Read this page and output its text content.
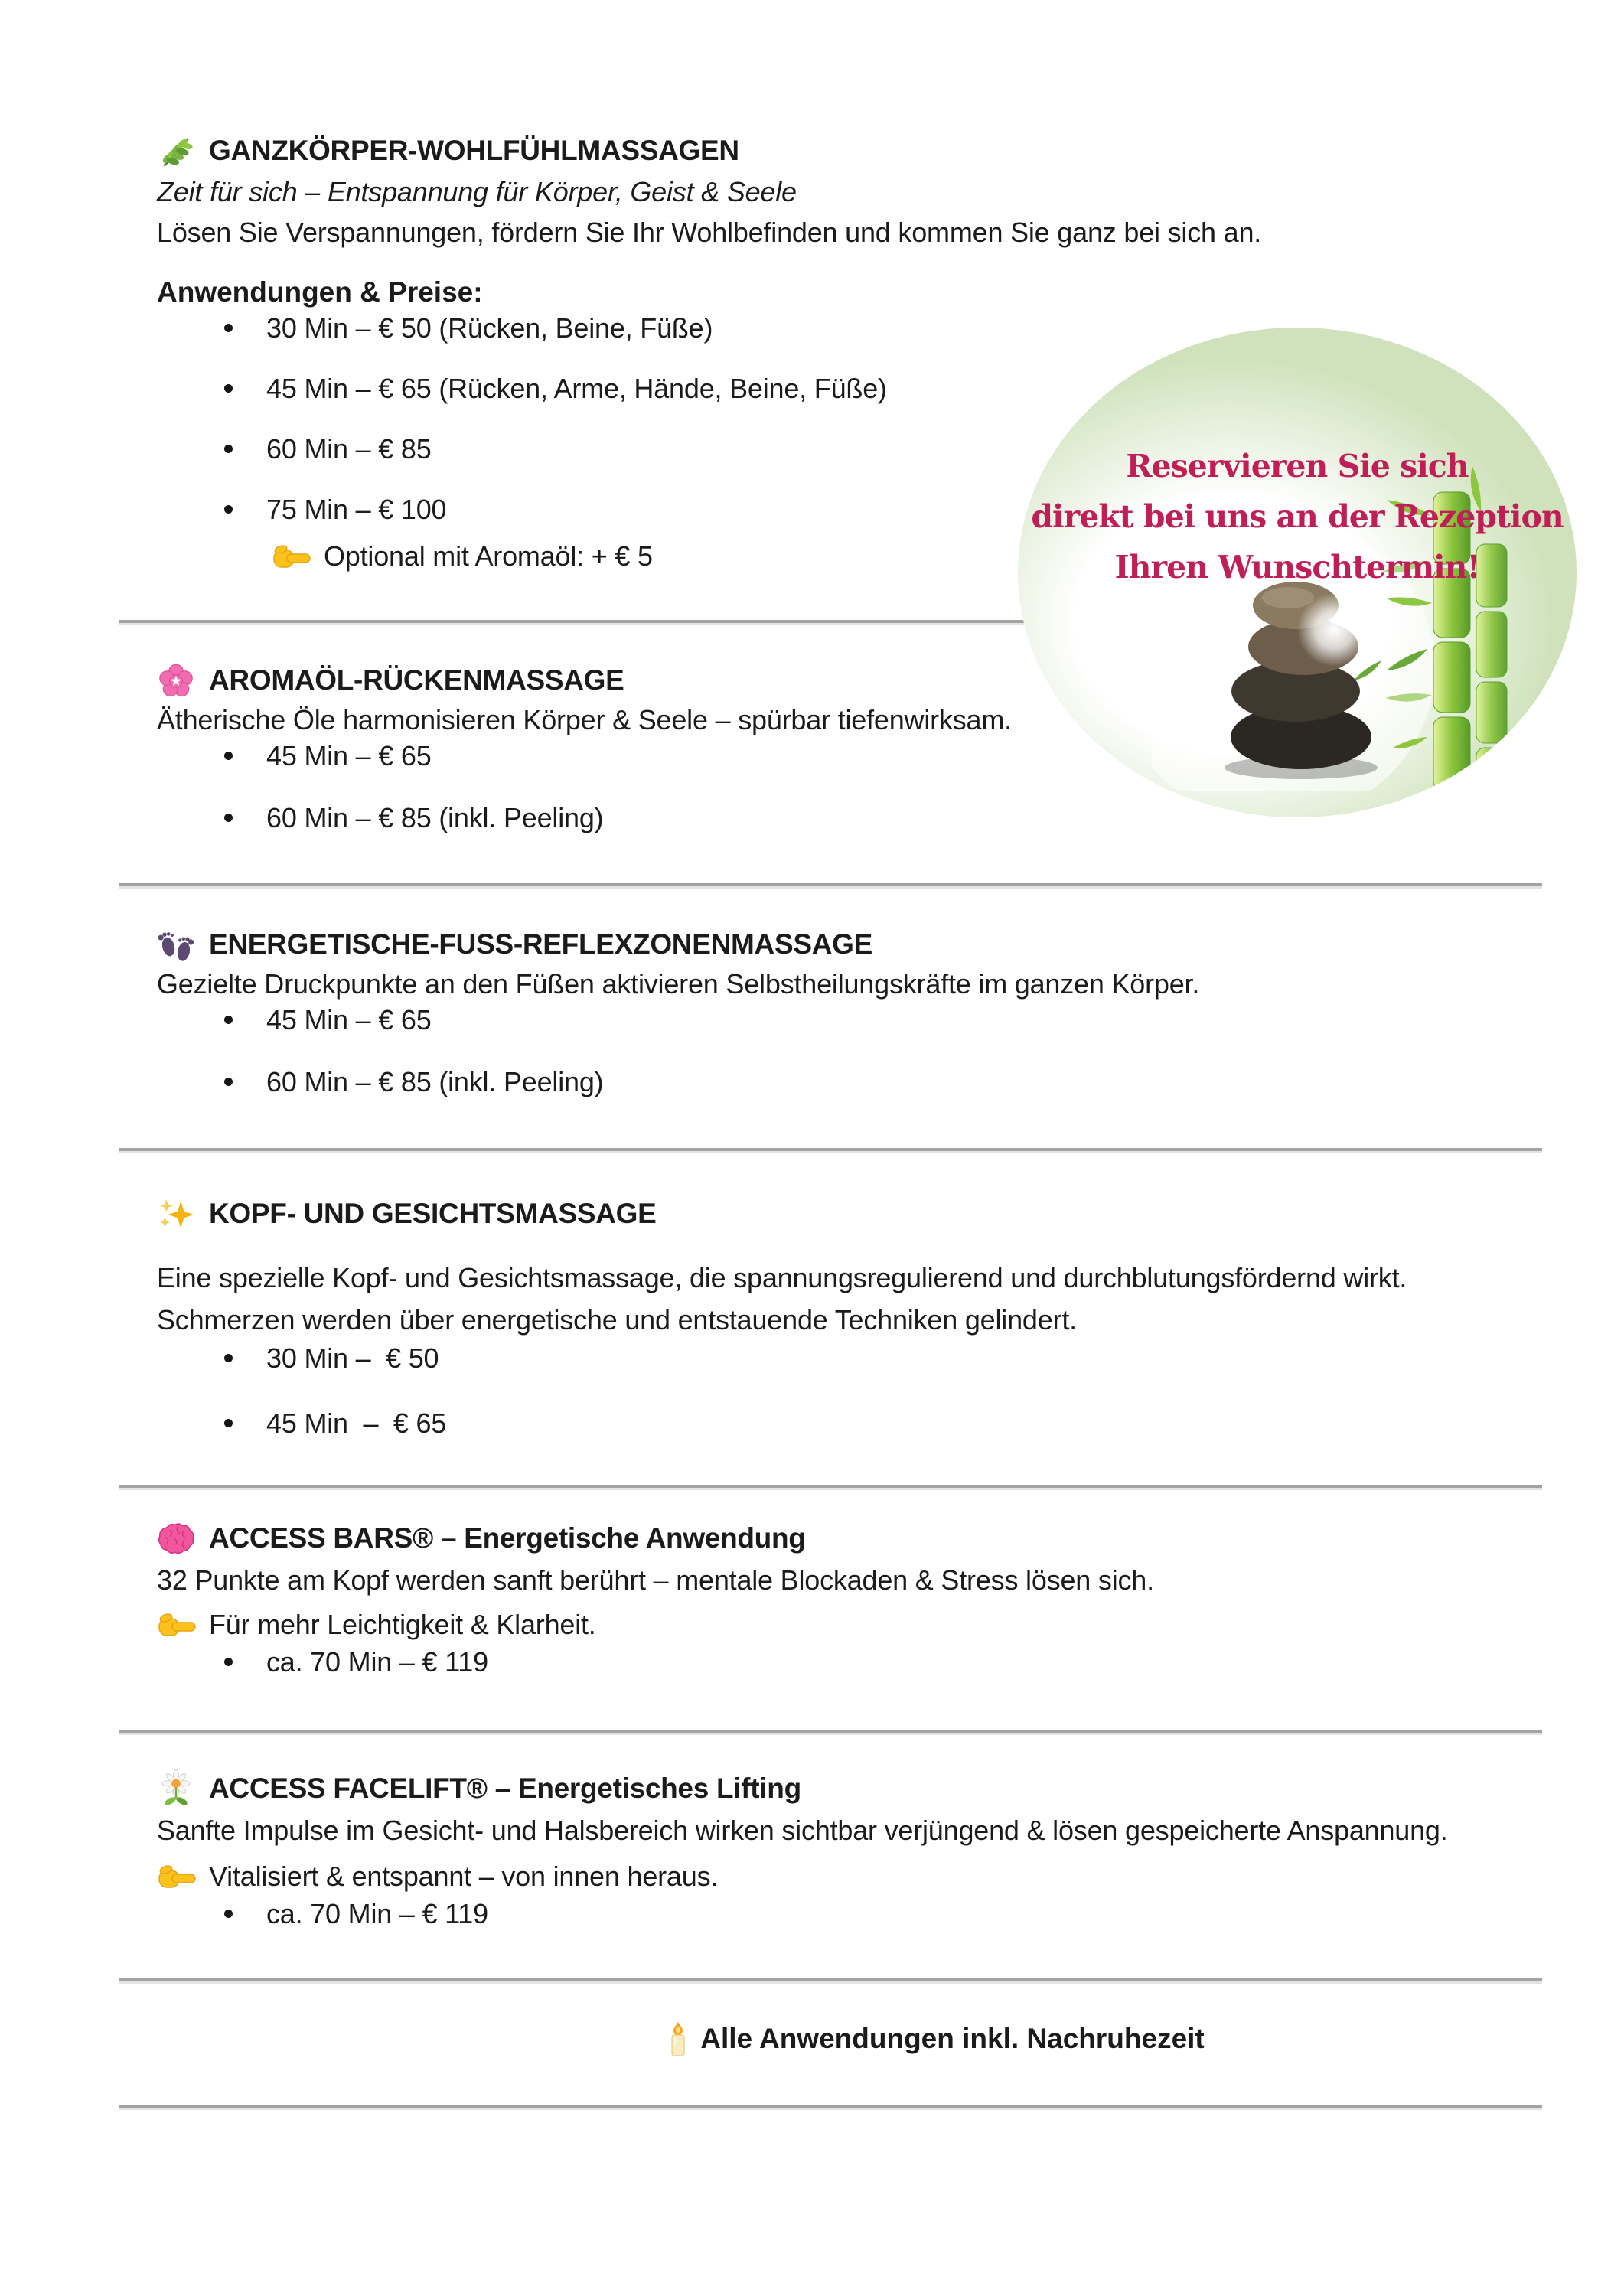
Reservieren Sie sich
direkt bei uns an der Rezeption
Ihren Wunschtermin!
GANZKÖRPER-WOHLFÜHLMASSAGEN
Zeit für sich – Entspannung für Körper, Geist & Seele
Lösen Sie Verspannungen, fördern Sie Ihr Wohlbefinden und kommen Sie ganz bei sich an.
Anwendungen & Preise:
30 Min – € 50 (Rücken, Beine, Füße)
45 Min – € 65 (Rücken, Arme, Hände, Beine, Füße)
60 Min – € 85
75 Min – € 100
Optional mit Aromaöl: + € 5
AROMAÖL-RÜCKENMASSAGE
Ätherische Öle harmonisieren Körper & Seele – spürbar tiefenwirksam.
45 Min – € 65
60 Min – € 85 (inkl. Peeling)
ENERGETISCHE-FUSS-REFLEXZONENMASSAGE
Gezielte Druckpunkte an den Füßen aktivieren Selbstheilungskräfte im ganzen Körper.
45 Min – € 65
60 Min – € 85 (inkl. Peeling)
KOPF- UND GESICHTSMASSAGE
Eine spezielle Kopf- und Gesichtsmassage, die spannungsregulierend und durchblutungsfördernd wirkt.
Schmerzen werden über energetische und entstauende Techniken gelindert.
30 Min –  € 50
45 Min  –  € 65
ACCESS BARS® – Energetische Anwendung
32 Punkte am Kopf werden sanft berührt – mentale Blockaden & Stress lösen sich.
Für mehr Leichtigkeit & Klarheit.
ca. 70 Min – € 119
ACCESS FACELIFT® – Energetisches Lifting
Sanfte Impulse im Gesicht- und Halsbereich wirken sichtbar verjüngend & lösen gespeicherte Anspannung.
Vitalisiert & entspannt – von innen heraus.
ca. 70 Min – € 119
Alle Anwendungen inkl. Nachruhezeit
